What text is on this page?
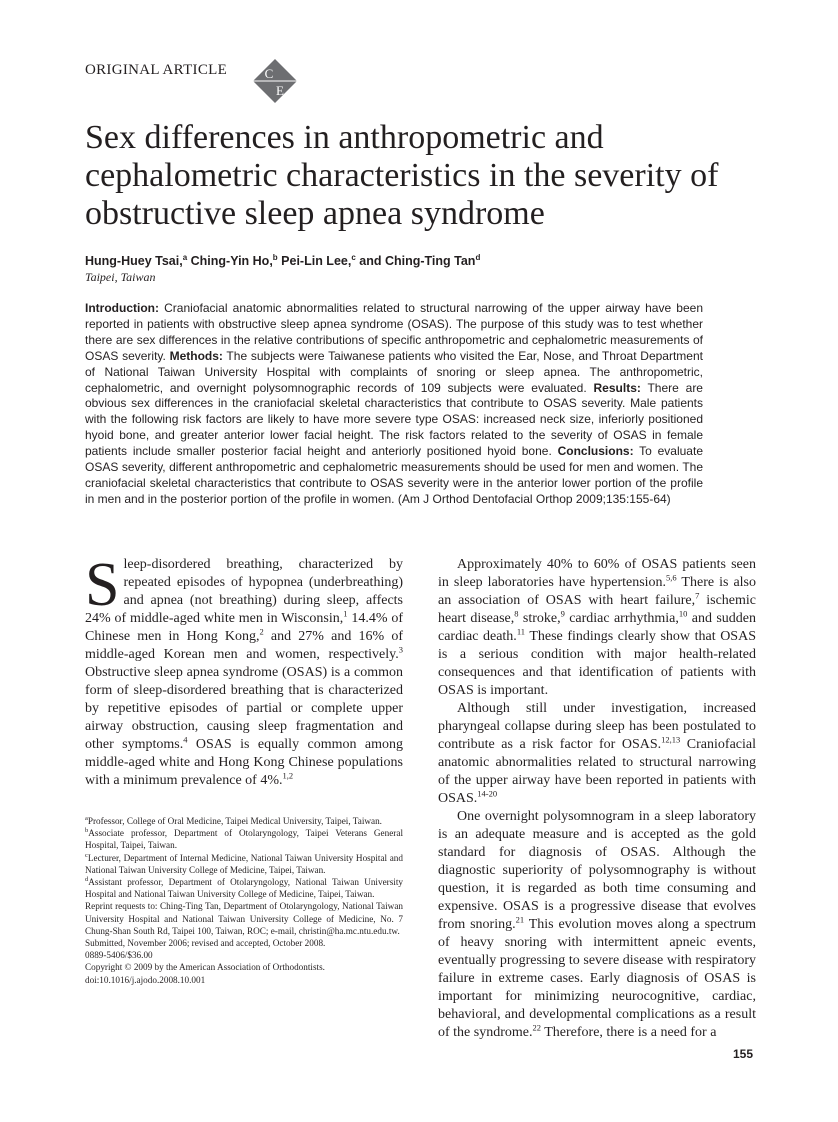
ORIGINAL ARTICLE	C
E
Sex differences in anthropometric and
cephalometric characteristics in the severity of
obstructive sleep apnea syndrome
Hung-Huey Tsai,$^a$ Ching-Yin Ho,$^b$ Pei-Lin Lee,$^c$ and Ching-Ting Tan$^d$
Taipei, Taiwan

Introduction: Craniofacial anatomic abnormalities related to structural narrowing of the upper airway have been reported in patients with obstructive sleep apnea syndrome (OSAS). The purpose of this study was to test whether there are sex differences in the relative contributions of specific anthropometric and cephalometric measurements of OSAS severity. Methods: The subjects were Taiwanese patients who visited the Ear, Nose, and Throat Department of National Taiwan University Hospital with complaints of snoring or sleep apnea. The anthropometric, cephalometric, and overnight polysomnographic records of 109 subjects were evaluated. Results: There are obvious sex differences in the craniofacial skeletal characteristics that contribute to OSAS severity. Male patients with the following risk factors are likely to have more severe type OSAS: increased neck size, inferiorly positioned hyoid bone, and greater anterior lower facial height. The risk factors related to the severity of OSAS in female patients include smaller posterior facial height and anteriorly positioned hyoid bone. Conclusions: To evaluate OSAS severity, different anthropometric and cephalometric measurements should be used for men and women. The craniofacial skeletal characteristics that contribute to OSAS severity were in the anterior lower portion of the profile in men and in the posterior portion of the profile in women. (Am J Orthod Dentofacial Orthop 2009;135:155-64)

Sleep-disordered breathing, characterized by repeated episodes of hypopnea (underbreathing) and apnea (not breathing) during sleep, affects 24% of middle-aged white men in Wisconsin,$^1$ 14.4% of Chinese men in Hong Kong,$^2$ and 27% and 16% of middle-aged Korean men and women, respectively.$^3$ Obstructive sleep apnea syndrome (OSAS) is a common form of sleep-disordered breathing that is characterized by repetitive episodes of partial or complete upper airway obstruction, causing sleep fragmentation and other symptoms.$^4$ OSAS is equally common among middle-aged white and Hong Kong Chinese populations with a minimum prevalence of 4%.$^{1,2}$

$^a$Professor, College of Oral Medicine, Taipei Medical University, Taipei, Taiwan.

$^b$Associate professor, Department of Otolaryngology, Taipei Veterans General Hospital, Taipei, Taiwan.

$^c$Lecturer, Department of Internal Medicine, National Taiwan University Hospital and National Taiwan University College of Medicine, Taipei, Taiwan.

$^d$Assistant professor, Department of Otolaryngology, National Taiwan University Hospital and National Taiwan University College of Medicine, Taipei, Taiwan.

Reprint requests to: Ching-Ting Tan, Department of Otolaryngology, National Taiwan University Hospital and National Taiwan University College of Medicine, No. 7 Chung-Shan South Rd, Taipei 100, Taiwan, ROC; e-mail, christin@ha.mc.ntu.edu.tw.

Submitted, November 2006; revised and accepted, October 2008.

0889-5406/$36.00

Copyright © 2009 by the American Association of Orthodontists.

doi:10.1016/j.ajodo.2008.10.001

Approximately 40% to 60% of OSAS patients seen in sleep laboratories have hypertension.$^{5,6}$ There is also an association of OSAS with heart failure,$^7$ ischemic heart disease,$^8$ stroke,$^9$ cardiac arrhythmia,$^{10}$ and sudden cardiac death.$^{11}$ These findings clearly show that OSAS is a serious condition with major health-related consequences and that identification of patients with OSAS is important.

Although still under investigation, increased pharyngeal collapse during sleep has been postulated to contribute as a risk factor for OSAS.$^{12,13}$ Craniofacial anatomic abnormalities related to structural narrowing of the upper airway have been reported in patients with OSAS.$^{14-20}$

One overnight polysomnogram in a sleep laboratory is an adequate measure and is accepted as the gold standard for diagnosis of OSAS. Although the diagnostic superiority of polysomnography is without question, it is regarded as both time consuming and expensive. OSAS is a progressive disease that evolves from snoring.$^{21}$ This evolution moves along a spectrum of heavy snoring with intermittent apneic events, eventually progressing to severe disease with respiratory failure in extreme cases. Early diagnosis of OSAS is important for minimizing neurocognitive, cardiac, behavioral, and developmental complications as a result of the syndrome.$^{22}$ Therefore, there is a need for a

155
